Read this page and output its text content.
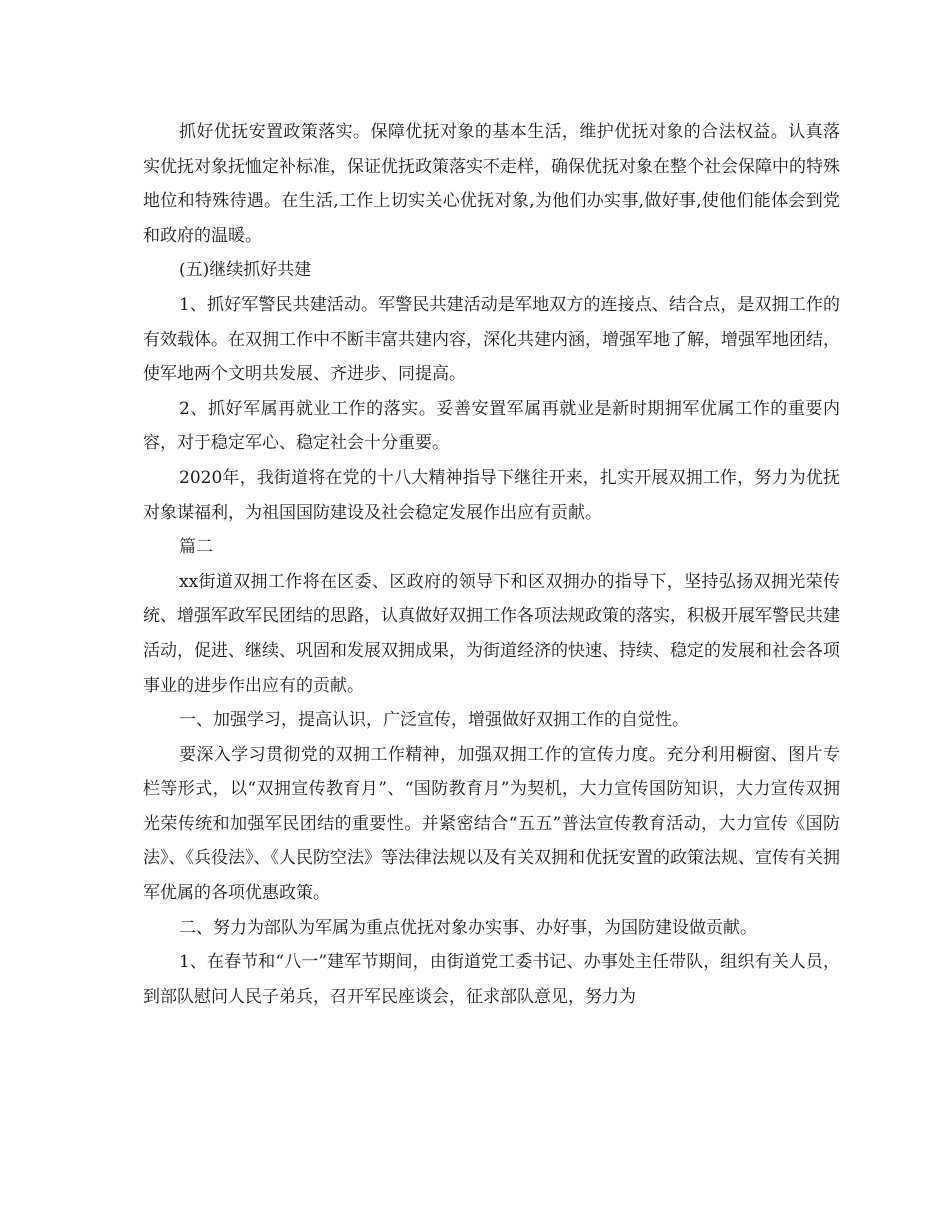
抓好优抚安置政策落实。保障优抚对象的基本生活，维护优抚对象的合法权益。认真落实优抚对象抚恤定补标准，保证优抚政策落实不走样，确保优抚对象在整个社会保障中的特殊地位和特殊待遇。在生活,工作上切实关心优抚对象,为他们办实事,做好事,使他们能体会到党和政府的温暖。

(五)继续抓好共建

1、抓好军警民共建活动。军警民共建活动是军地双方的连接点、结合点，是双拥工作的有效载体。在双拥工作中不断丰富共建内容，深化共建内涵，增强军地了解，增强军地团结，使军地两个文明共发展、齐进步、同提高。

2、抓好军属再就业工作的落实。妥善安置军属再就业是新时期拥军优属工作的重要内容，对于稳定军心、稳定社会十分重要。

2020年，我街道将在党的十八大精神指导下继往开来，扎实开展双拥工作，努力为优抚对象谋福利，为祖国国防建设及社会稳定发展作出应有贡献。

篇二

xx街道双拥工作将在区委、区政府的领导下和区双拥办的指导下，坚持弘扬双拥光荣传统、增强军政军民团结的思路，认真做好双拥工作各项法规政策的落实，积极开展军警民共建活动，促进、继续、巩固和发展双拥成果，为街道经济的快速、持续、稳定的发展和社会各项事业的进步作出应有的贡献。

一、加强学习，提高认识，广泛宣传，增强做好双拥工作的自觉性。

要深入学习贯彻党的双拥工作精神，加强双拥工作的宣传力度。充分利用橱窗、图片专栏等形式，以“双拥宣传教育月”、“国防教育月”为契机，大力宣传国防知识，大力宣传双拥光荣传统和加强军民团结的重要性。并紧密结合“五五”普法宣传教育活动，大力宣传《国防法》、《兵役法》、《人民防空法》等法律法规以及有关双拥和优抚安置的政策法规、宣传有关拥军优属的各项优惠政策。

二、努力为部队为军属为重点优抚对象办实事、办好事，为国防建设做贡献。

1、在春节和“八一”建军节期间，由街道党工委书记、办事处主任带队，组织有关人员，到部队慰问人民子弟兵，召开军民座谈会，征求部队意见，努力为
